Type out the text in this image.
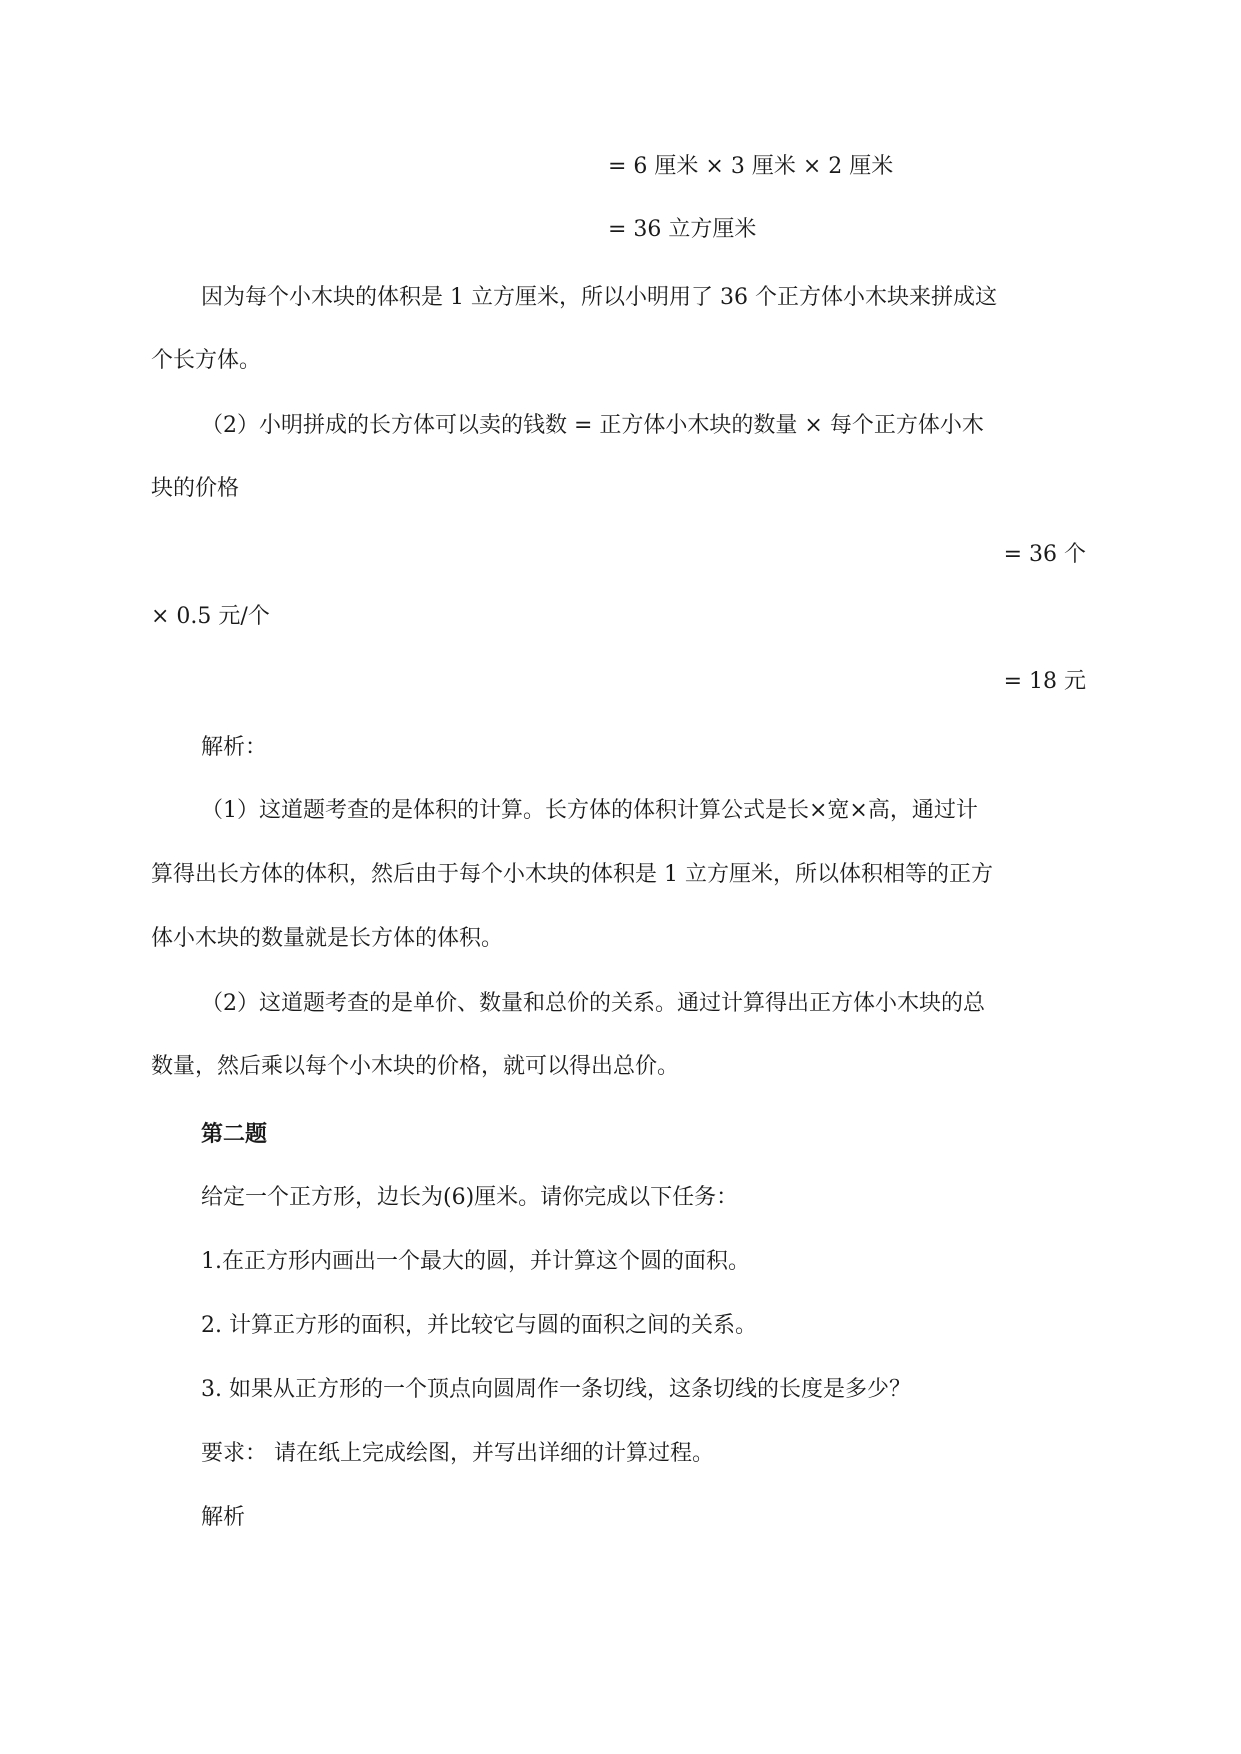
= 6 厘米 × 3 厘米 × 2 厘米
= 36 立方厘米
因为每个小木块的体积是 1 立方厘米，所以小明用了 36 个正方体小木块来拼成这
个长方体。
（2）小明拼成的长方体可以卖的钱数 = 正方体小木块的数量 × 每个正方体小木
块的价格
= 36 个
× 0.5 元/个
= 18 元
解析：
（1）这道题考查的是体积的计算。长方体的体积计算公式是长×宽×高，通过计
算得出长方体的体积，然后由于每个小木块的体积是 1 立方厘米，所以体积相等的正方
体小木块的数量就是长方体的体积。
（2）这道题考查的是单价、数量和总价的关系。通过计算得出正方体小木块的总
数量，然后乘以每个小木块的价格，就可以得出总价。
第二题
给定一个正方形，边长为(6)厘米。请你完成以下任务：
1.在正方形内画出一个最大的圆，并计算这个圆的面积。
2. 计算正方形的面积，并比较它与圆的面积之间的关系。
3. 如果从正方形的一个顶点向圆周作一条切线，这条切线的长度是多少？
要求： 请在纸上完成绘图，并写出详细的计算过程。
解析
